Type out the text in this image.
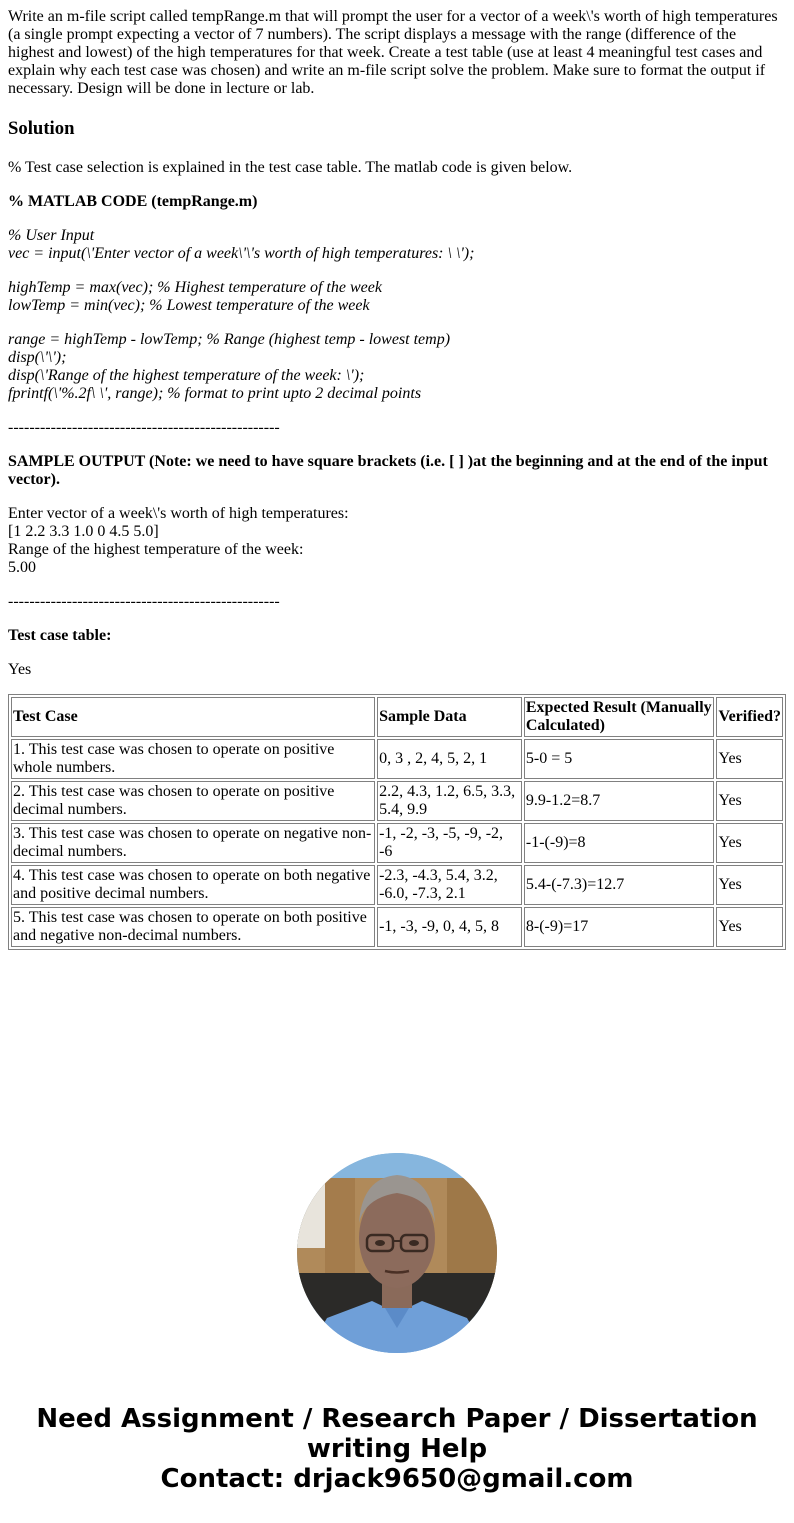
Write an m-file script called tempRange.m that will prompt the user for a vector of a week\'s worth of high temperatures (a single prompt expecting a vector of 7 numbers). The script displays a message with the range (difference of the highest and lowest) of the high temperatures for that week. Create a test table (use at least 4 meaningful test cases and explain why each test case was chosen) and write an m-file script solve the problem. Make sure to format the output if necessary. Design will be done in lecture or lab.

Solution

% Test case selection is explained in the test case table. The matlab code is given below.

% MATLAB CODE (tempRange.m)

% User Input
vec = input(\'Enter vector of a week\'\'s worth of high temperatures: \ \');

highTemp = max(vec); % Highest temperature of the week
lowTemp = min(vec); % Lowest temperature of the week

range = highTemp - lowTemp; % Range (highest temp - lowest temp)
disp(\'\');
disp(\'Range of the highest temperature of the week: \');
fprintf(\'%.2f\ \', range); % format to print upto 2 decimal points

---------------------------------------------------

SAMPLE OUTPUT (Note: we need to have square brackets (i.e. [ ] )at the beginning and at the end of the input vector).

Enter vector of a week\'s worth of high temperatures:
[1 2.2 3.3 1.0 0 4.5 5.0]
Range of the highest temperature of the week:
5.00

---------------------------------------------------

Test case table:

Yes

Test Case	Sample Data	Expected Result (Manually Calculated)	Verified?
1. This test case was chosen to operate on positive whole numbers.	0, 3 , 2, 4, 5, 2, 1	5-0 = 5	Yes
2. This test case was chosen to operate on positive decimal numbers.	2.2, 4.3, 1.2, 6.5, 3.3, 5.4, 9.9	9.9-1.2=8.7	Yes
3. This test case was chosen to operate on negative non-decimal numbers.	-1, -2, -3, -5, -9, -2, -6	-1-(-9)=8	Yes
4. This test case was chosen to operate on both negative and positive decimal numbers.	-2.3, -4.3, 5.4, 3.2, -6.0, -7.3, 2.1	5.4-(-7.3)=12.7	Yes
5. This test case was chosen to operate on both positive and negative non-decimal numbers.	-1, -3, -9, 0, 4, 5, 8	8-(-9)=17	Yes
Need Assignment / Research Paper / Dissertation
writing Help
Contact: drjack9650@gmail.com
